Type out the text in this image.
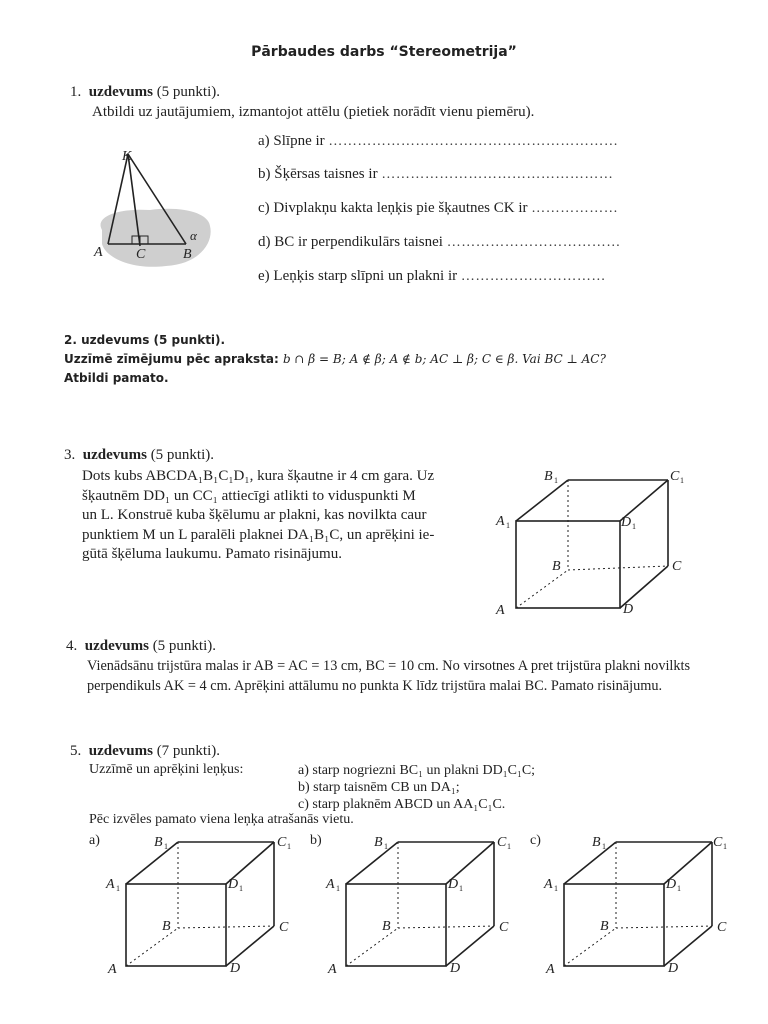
Pārbaudes darbs “Stereometrija”
1. uzdevums (5 punkti).
Atbildi uz jautājumiem, izmantojot attēlu (pietiek norādīt vienu piemēru).
a) Slīpne ir ……………………………………………………
b) Šķērsas taisnes ir …………………………………………
c) Divplakņu kakta leņķis pie šķautnes CK ir ………………
d) BC ir perpendikulārs taisnei ………………………………
e) Leņķis starp slīpni un plakni ir …………………………
K
A C	B
α
2. uzdevums (5 punkti).
Uzzīmē zīmējumu pēc apraksta: b ∩ β = B; A ∉ β; A ∉ b; AC ⊥ β; C ∈ β. Vai BC ⊥ AC?
Atbildi pamato.
3. uzdevums (5 punkti).
Dots kubs ABCDA₁B₁C₁D₁, kura šķautne ir 4 cm gara. Uz
šķautnēm DD₁ un CC₁ attiecīgi atlikti to viduspunkti M
un L. Konstruē kuba šķēlumu ar plakni, kas novilkta caur
punktiem M un L paralēli plaknei DA₁B₁C, un aprēķini ie-
gūtā šķēluma laukumu. Pamato risinājumu.
A
B	C
D
A 1
B 1	C 1
D 1
4. uzdevums (5 punkti).
Vienādsānu trijstūra malas ir AB = AC = 13 cm, BC = 10 cm. No virsotnes A pret trijstūra plakni novilkts
perpendikuls AK = 4 cm. Aprēķini attālumu no punkta K līdz trijstūra malai BC. Pamato risinājumu.
5. uzdevums (7 punkti).
Uzzīmē un aprēķini leņķus:	a) starp nogriezni BC₁ un plakni DD₁C₁C;
b) starp taisnēm CB un DA₁;
c) starp plaknēm ABCD un AA₁C₁C.
Pēc izvēles pamato viena leņķa atrašanās vietu.
a)	b)	c)
A
B	C
D
A 1
B 1	C 1
D 1
A
B	C
D
A 1
B 1	C 1
D 1
A
B	C
D
A 1
B 1	C 1
D 1
